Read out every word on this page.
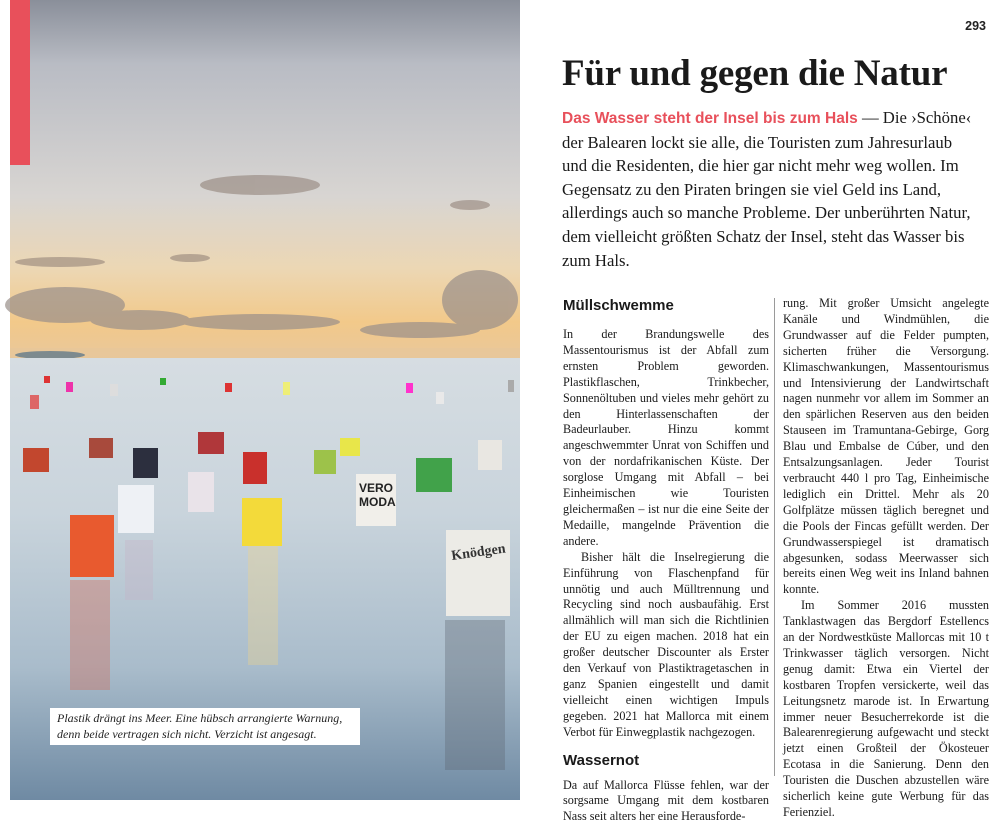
VERO
MODA
Knödgen
Plastik drängt ins Meer. Eine hübsch arrangierte Warnung, denn beide vertragen sich nicht. Verzicht ist angesagt.
293
Für und gegen die Natur

Das Wasser steht der Insel bis zum Hals — Die ›Schöne‹ der Balearen lockt sie alle, die Touristen zum Jahresurlaub und die Residenten, die hier gar nicht mehr weg wollen. Im Gegensatz zu den Piraten bringen sie viel Geld ins Land, allerdings auch so manche Probleme. Der unberührten Natur, dem vielleicht größten Schatz der Insel, steht das Wasser bis zum Hals.

Müllschwemme

In der Brandungswelle des Massentourismus ist der Abfall zum ernsten Problem geworden. Plastikflaschen, Trinkbecher, Sonnenöltuben und vieles mehr gehört zu den Hinterlassenschaften der Badeurlauber. Hinzu kommt angeschwemmter Unrat von Schiffen und von der nordafrikanischen Küste. Der sorglose Umgang mit Abfall – bei Einheimischen wie Touristen gleichermaßen – ist nur die eine Seite der Medaille, mangelnde Prävention die andere.

Bisher hält die Inselregierung die Einführung von Flaschenpfand für unnötig und auch Mülltrennung und Recycling sind noch ausbaufähig. Erst allmählich will man sich die Richtlinien der EU zu eigen machen. 2018 hat ein großer deutscher Discounter als Erster den Verkauf von Plastiktragetaschen in ganz Spanien eingestellt und damit vielleicht einen wichtigen Impuls gegeben. 2021 hat Mallorca mit einem Verbot für Einwegplastik nachgezogen.

Wassernot

Da auf Mallorca Flüsse fehlen, war der sorgsame Umgang mit dem kostbaren Nass seit alters her eine Herausforde-

rung. Mit großer Umsicht angelegte Kanäle und Windmühlen, die Grundwasser auf die Felder pumpten, sicherten früher die Versorgung. Klimaschwankungen, Massentourismus und Intensivierung der Landwirtschaft nagen nunmehr vor allem im Sommer an den spärlichen Reserven aus den beiden Stauseen im Tramuntana-Gebirge, Gorg Blau und Embalse de Cúber, und den Entsalzungsanlagen. Jeder Tourist verbraucht 440 l pro Tag, Einheimische lediglich ein Drittel. Mehr als 20 Golfplätze müssen täglich beregnet und die Pools der Fincas gefüllt werden. Der Grundwasserspiegel ist dramatisch abgesunken, sodass Meerwasser sich bereits einen Weg weit ins Inland bahnen konnte.

Im Sommer 2016 mussten Tanklastwagen das Bergdorf Estellencs an der Nordwestküste Mallorcas mit 10 t Trinkwasser täglich versorgen. Nicht genug damit: Etwa ein Viertel der kostbaren Tropfen versickerte, weil das Leitungsnetz marode ist. In Erwartung immer neuer Besucherrekorde ist die Balearenregierung aufgewacht und steckt jetzt einen Großteil der Ökosteuer Ecotasa in die Sanierung. Denn den Touristen die Duschen abzustellen wäre sicherlich keine gute Werbung für das Ferienziel.
